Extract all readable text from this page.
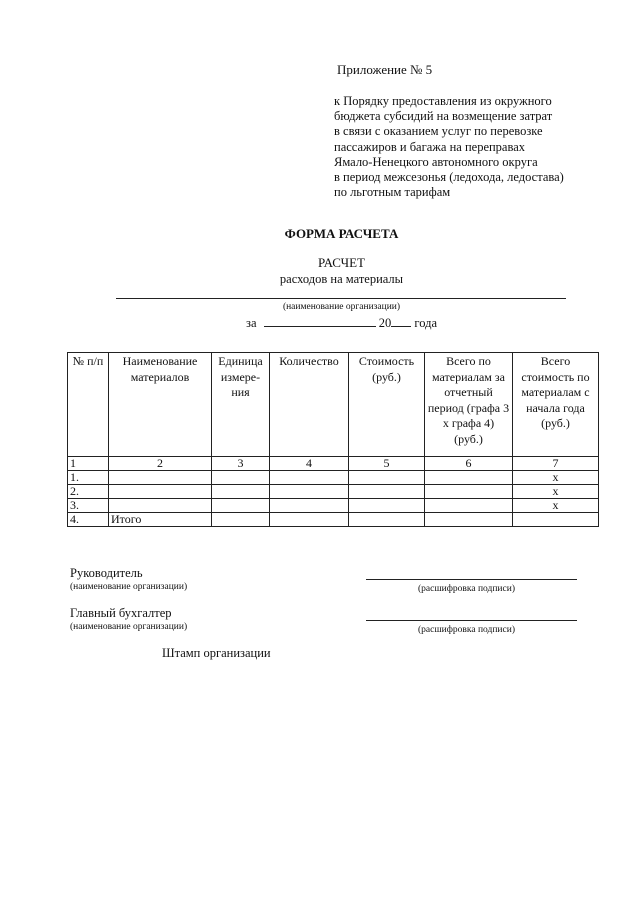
Приложение № 5
к Порядку предоставления из окружного
бюджета субсидий на возмещение затрат
в связи с оказанием услуг по перевозке
пассажиров и багажа на переправах
Ямало-Ненецкого автономного округа
в период межсезонья (ледохода, ледостава)
по льготным тарифам
ФОРМА РАСЧЕТА
РАСЧЕТ
расходов на материалы
(наименование организации)
за	20 года
№ п/п	Наименование материалов	Единица измере-ния	Количество	Стоимость (руб.)	Всего по материалам за отчетный период (графа 3 х графа 4) (руб.)	Всего стоимость по материалам с начала года (руб.)
1	2	3	4	5	6	7
1.						х
2.						х
3.						х
4.	Итого					
Руководитель
(наименование организации)	(расшифровка подписи)
Главный бухгалтер
(наименование организации)	(расшифровка подписи)
Штамп организации
